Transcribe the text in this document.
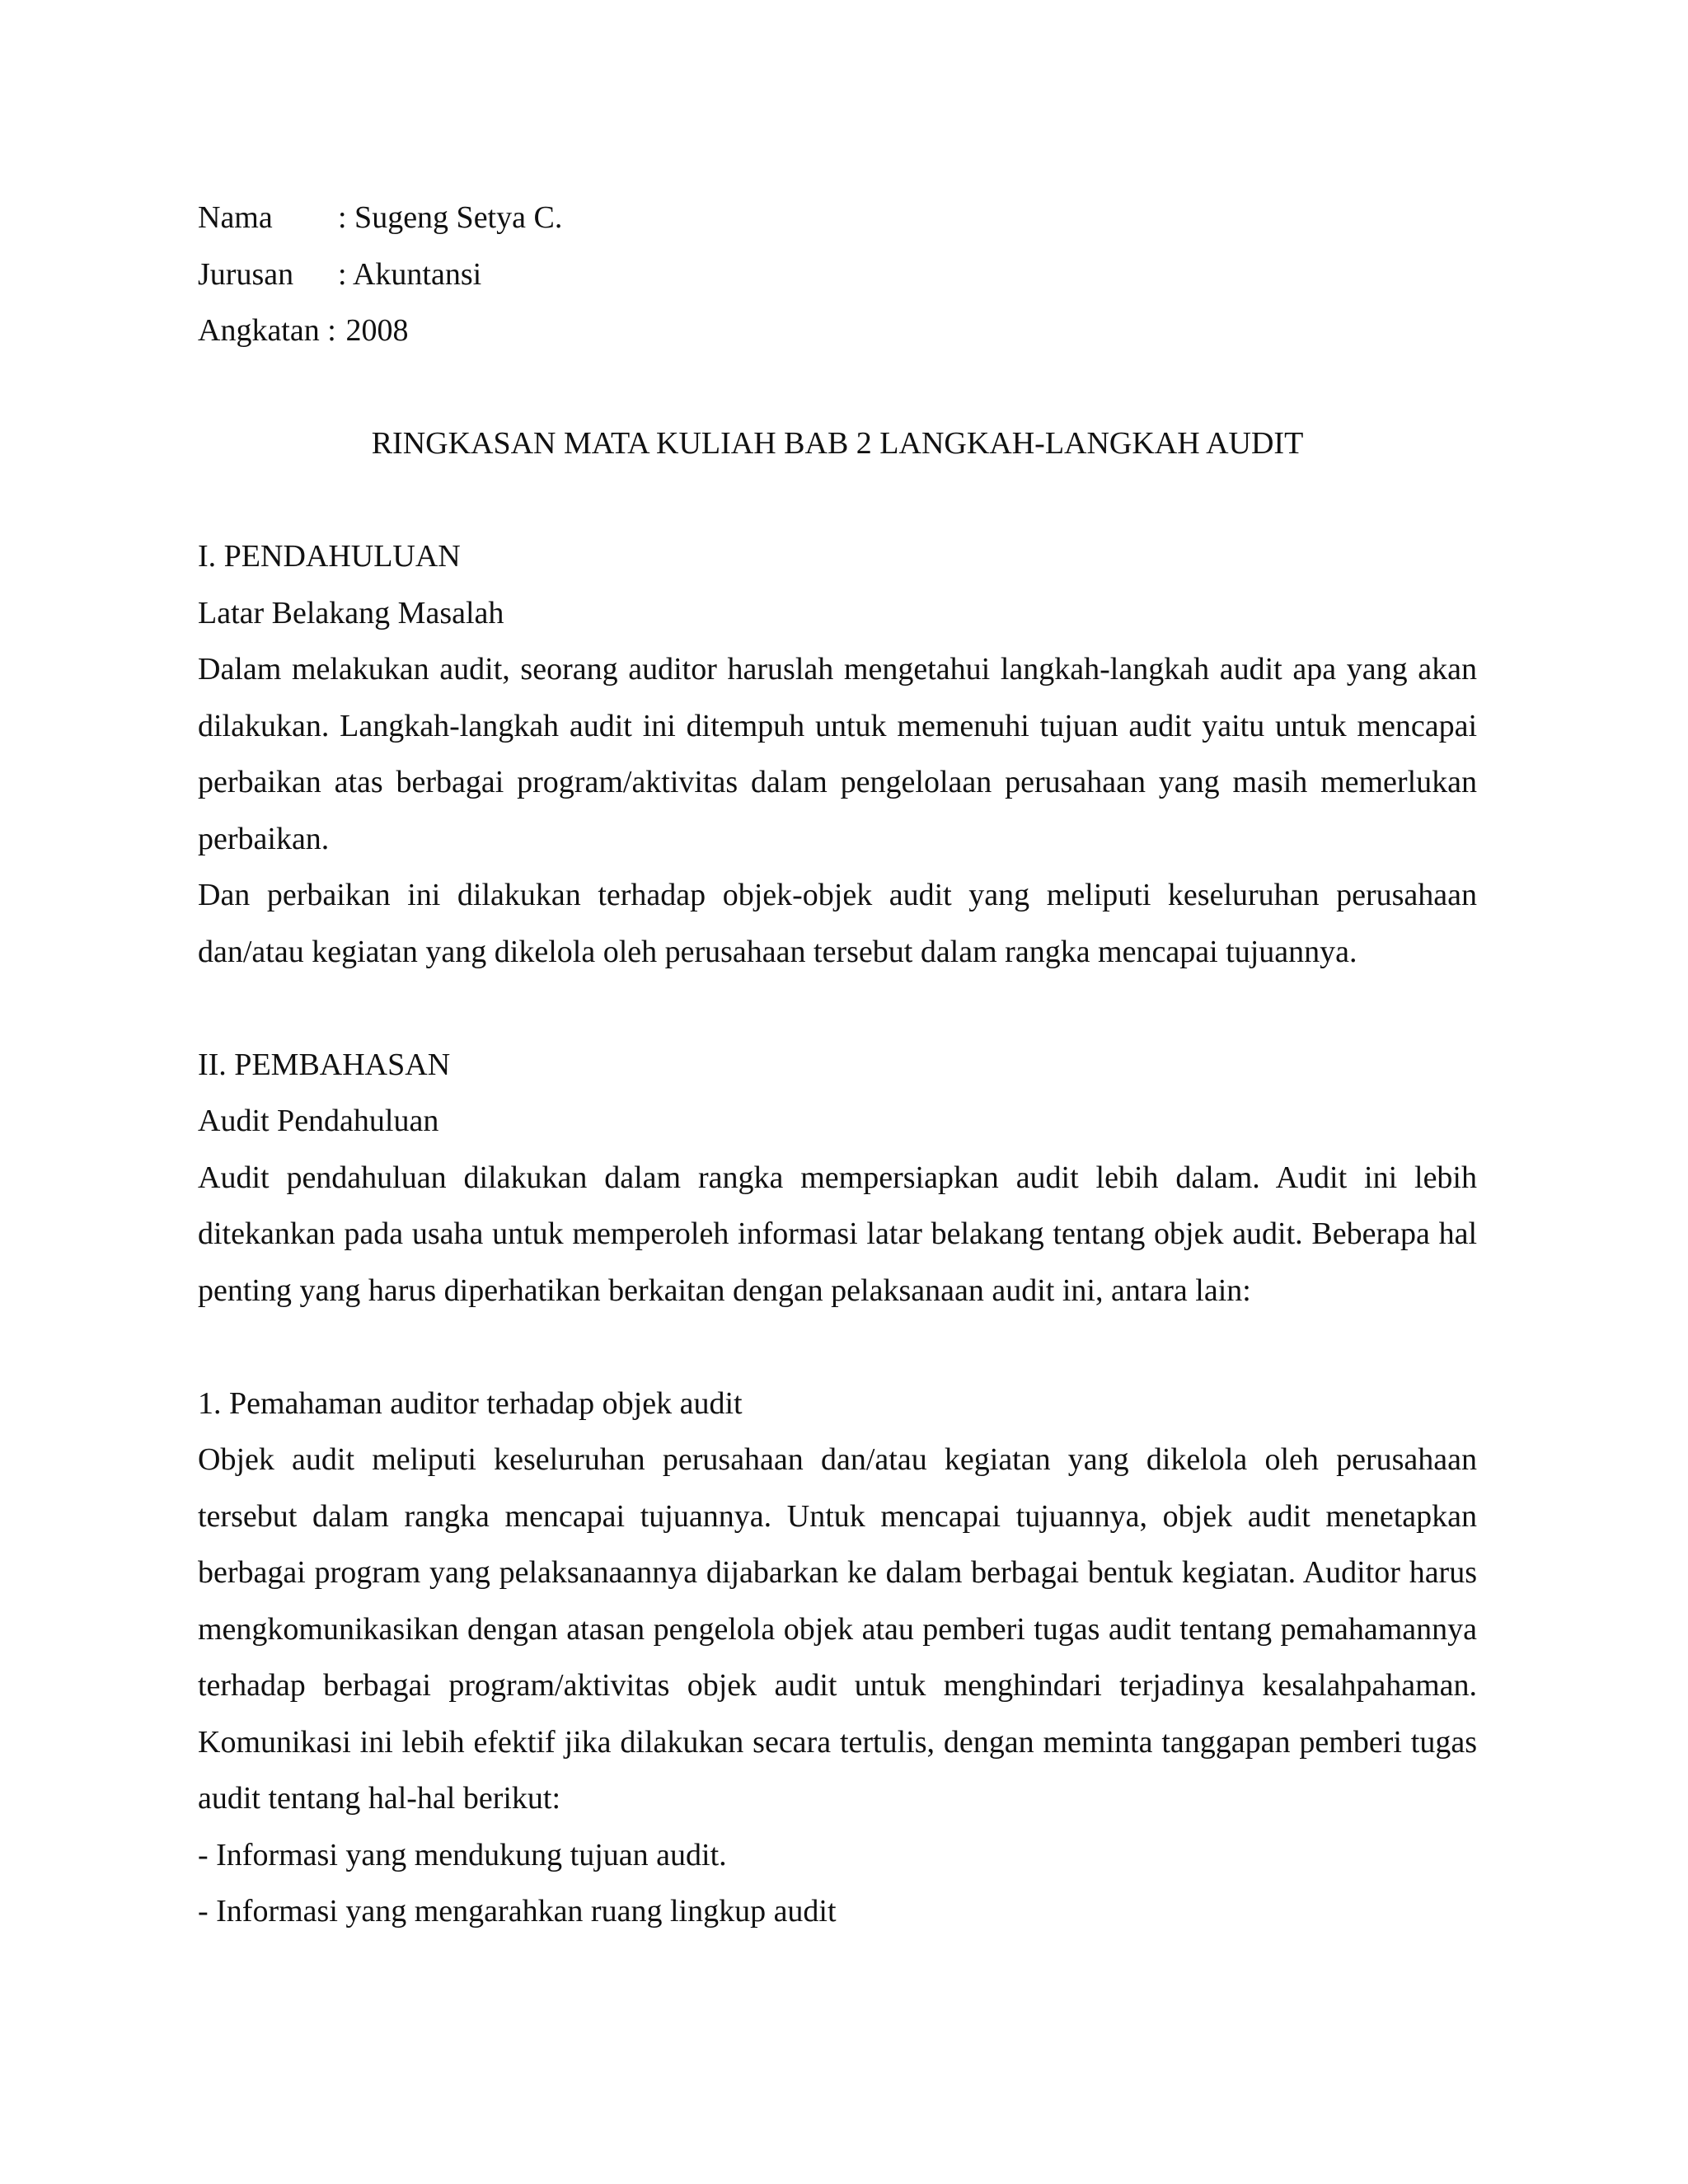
Nama	: Sugeng Setya C.
Jurusan	: Akuntansi
Angkatan : 2008

RINGKASAN MATA KULIAH BAB 2 LANGKAH-LANGKAH AUDIT

I. PENDAHULUAN

Latar Belakang Masalah

Dalam melakukan audit, seorang auditor haruslah mengetahui langkah-langkah audit apa yang akan dilakukan. Langkah-langkah audit ini ditempuh untuk memenuhi tujuan audit yaitu untuk mencapai perbaikan atas berbagai program/aktivitas dalam pengelolaan perusahaan yang masih memerlukan perbaikan.

Dan perbaikan ini dilakukan terhadap objek-objek audit yang meliputi keseluruhan perusahaan dan/atau kegiatan yang dikelola oleh perusahaan tersebut dalam rangka mencapai tujuannya.

II. PEMBAHASAN

Audit Pendahuluan

Audit pendahuluan dilakukan dalam rangka mempersiapkan audit lebih dalam. Audit ini lebih ditekankan pada usaha untuk memperoleh informasi latar belakang tentang objek audit. Beberapa hal penting yang harus diperhatikan berkaitan dengan pelaksanaan audit ini, antara lain:

1. Pemahaman auditor terhadap objek audit

Objek audit meliputi keseluruhan perusahaan dan/atau kegiatan yang dikelola oleh perusahaan tersebut dalam rangka mencapai tujuannya. Untuk mencapai tujuannya, objek audit menetapkan berbagai program yang pelaksanaannya dijabarkan ke dalam berbagai bentuk kegiatan. Auditor harus mengkomunikasikan dengan atasan pengelola objek atau pemberi tugas audit tentang pemahamannya terhadap berbagai program/aktivitas objek audit untuk menghindari terjadinya kesalahpahaman. Komunikasi ini lebih efektif jika dilakukan secara tertulis, dengan meminta tanggapan pemberi tugas audit tentang hal-hal berikut:

- Informasi yang mendukung tujuan audit.

- Informasi yang mengarahkan ruang lingkup audit
